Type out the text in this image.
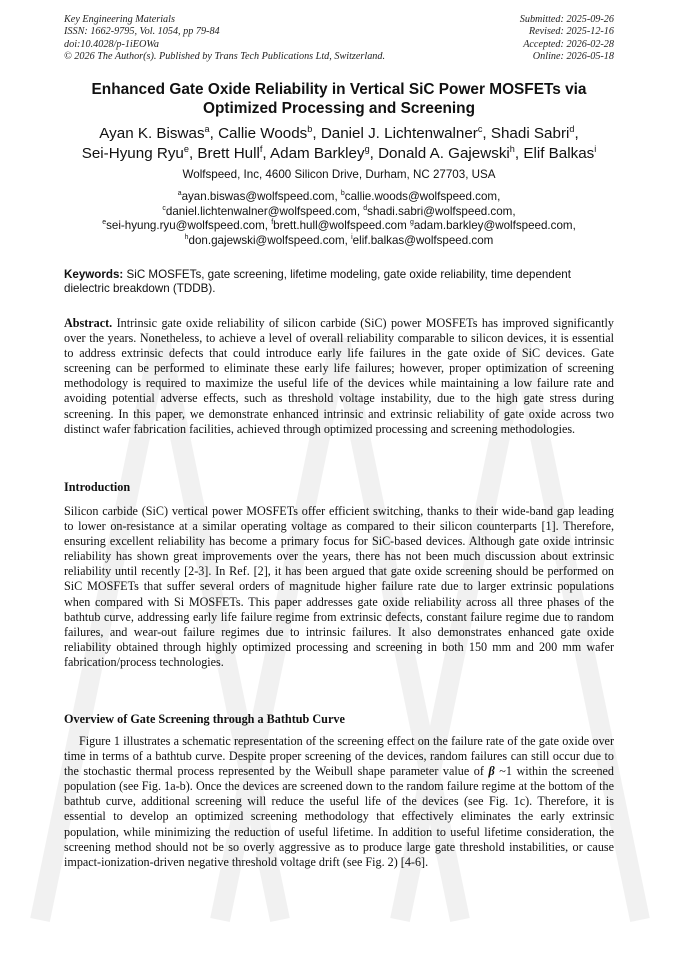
Key Engineering Materials
ISSN: 1662-9795, Vol. 1054, pp 79-84
doi:10.4028/p-1iEOWa
© 2026 The Author(s). Published by Trans Tech Publications Ltd, Switzerland.
Submitted: 2025-09-26
Revised: 2025-12-16
Accepted: 2026-02-28
Online: 2026-05-18
Enhanced Gate Oxide Reliability in Vertical SiC Power MOSFETs via
Optimized Processing and Screening
Ayan K. Biswas$^a$, Callie Woods$^b$, Daniel J. Lichtenwalner$^c$, Shadi Sabri$^d$,
Sei-Hyung Ryu$^e$, Brett Hull$^f$, Adam Barkley$^g$, Donald A. Gajewski$^h$, Elif Balkas$^i$
Wolfspeed, Inc, 4600 Silicon Drive, Durham, NC 27703, USA
$^a$ayan.biswas@wolfspeed.com, $^b$callie.woods@wolfspeed.com,
$^c$daniel.lichtenwalner@wolfspeed.com, $^d$shadi.sabri@wolfspeed.com,
$^e$sei-hyung.ryu@wolfspeed.com, $^f$brett.hull@wolfspeed.com $^g$adam.barkley@wolfspeed.com,
$^h$don.gajewski@wolfspeed.com, $^i$elif.balkas@wolfspeed.com
Keywords: SiC MOSFETs, gate screening, lifetime modeling, gate oxide reliability, time dependent dielectric breakdown (TDDB).
Abstract. Intrinsic gate oxide reliability of silicon carbide (SiC) power MOSFETs has improved significantly over the years. Nonetheless, to achieve a level of overall reliability comparable to silicon devices, it is essential to address extrinsic defects that could introduce early life failures in the gate oxide of SiC devices. Gate screening can be performed to eliminate these early life failures; however, proper optimization of screening methodology is required to maximize the useful life of the devices while maintaining a low failure rate and avoiding potential adverse effects, such as threshold voltage instability, due to the high gate stress during screening. In this paper, we demonstrate enhanced intrinsic and extrinsic reliability of gate oxide across two distinct wafer fabrication facilities, achieved through optimized processing and screening methodologies.
Introduction
Silicon carbide (SiC) vertical power MOSFETs offer efficient switching, thanks to their wide-band gap leading to lower on-resistance at a similar operating voltage as compared to their silicon counterparts [1]. Therefore, ensuring excellent reliability has become a primary focus for SiC-based devices. Although gate oxide intrinsic reliability has shown great improvements over the years, there has not been much discussion about extrinsic reliability until recently [2-3]. In Ref. [2], it has been argued that gate oxide screening should be performed on SiC MOSFETs that suffer several orders of magnitude higher failure rate due to larger extrinsic populations when compared with Si MOSFETs. This paper addresses gate oxide reliability across all three phases of the bathtub curve, addressing early life failure regime from extrinsic defects, constant failure regime due to random failures, and wear-out failure regimes due to intrinsic failures. It also demonstrates enhanced gate oxide reliability obtained through highly optimized processing and screening in both 150 mm and 200 mm wafer fabrication/process technologies.
Overview of Gate Screening through a Bathtub Curve
Figure 1 illustrates a schematic representation of the screening effect on the failure rate of the gate oxide over time in terms of a bathtub curve. Despite proper screening of the devices, random failures can still occur due to the stochastic thermal process represented by the Weibull shape parameter value of β ~1 within the screened population (see Fig. 1a-b). Once the devices are screened down to the random failure regime at the bottom of the bathtub curve, additional screening will reduce the useful life of the devices (see Fig. 1c). Therefore, it is essential to develop an optimized screening methodology that effectively eliminates the early extrinsic population, while minimizing the reduction of useful lifetime. In addition to useful lifetime consideration, the screening method should not be so overly aggressive as to produce large gate threshold instabilities, or cause impact-ionization-driven negative threshold voltage drift (see Fig. 2) [4-6].
